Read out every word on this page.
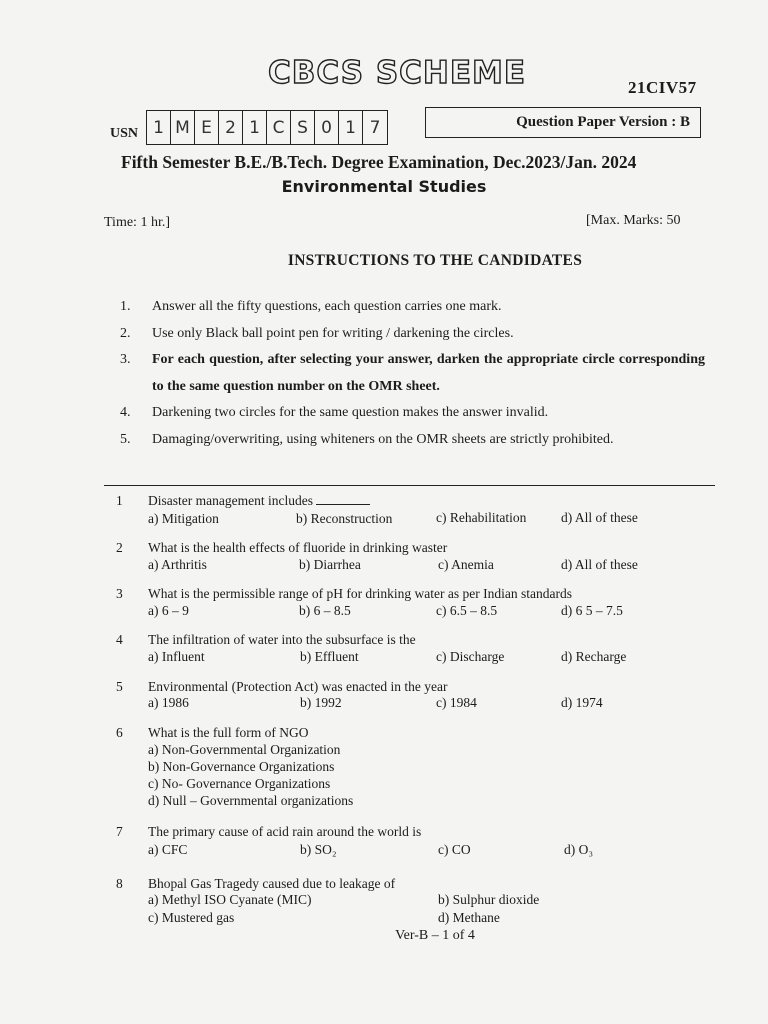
CBCS SCHEME	21CIV57
USN 1 M E 2 1 C S 0 1 7	Question Paper Version : B
Fifth Semester B.E./B.Tech. Degree Examination, Dec.2023/Jan. 2024
Environmental Studies
Time: 1 hr.]	[Max. Marks: 50
INSTRUCTIONS TO THE CANDIDATES
1. Answer all the fifty questions, each question carries one mark.
2. Use only Black ball point pen for writing / darkening the circles.
3. For each question, after selecting your answer, darken the appropriate circle corresponding to the same question number on the OMR sheet.
4. Darkening two circles for the same question makes the answer invalid.
5. Damaging/overwriting, using whiteners on the OMR sheets are strictly prohibited.
1 Disaster management includes
a) Mitigation	b) Reconstruction	c) Rehabilitation	d) All of these
2 What is the health effects of fluoride in drinking waster
a) Arthritis	b) Diarrhea	c) Anemia	d) All of these
3 What is the permissible range of pH for drinking water as per Indian standards
a) 6 – 9	b) 6 – 8.5	c) 6.5 – 8.5	d) 6 5 – 7.5
4 The infiltration of water into the subsurface is the
a) Influent	b) Effluent	c) Discharge	d) Recharge
5 Environmental (Protection Act) was enacted in the year
a) 1986	b) 1992	c) 1984	d) 1974
6 What is the full form of NGO
a) Non-Governmental Organization
b) Non-Governance Organizations
c) No- Governance Organizations
d) Null – Governmental organizations
7 The primary cause of acid rain around the world is
a) CFC	b) SO₂	c) CO	d) O₃
8 Bhopal Gas Tragedy caused due to leakage of
a) Methyl ISO Cyanate (MIC)	b) Sulphur dioxide
c) Mustered gas	d) Methane
Ver-B – 1 of 4
